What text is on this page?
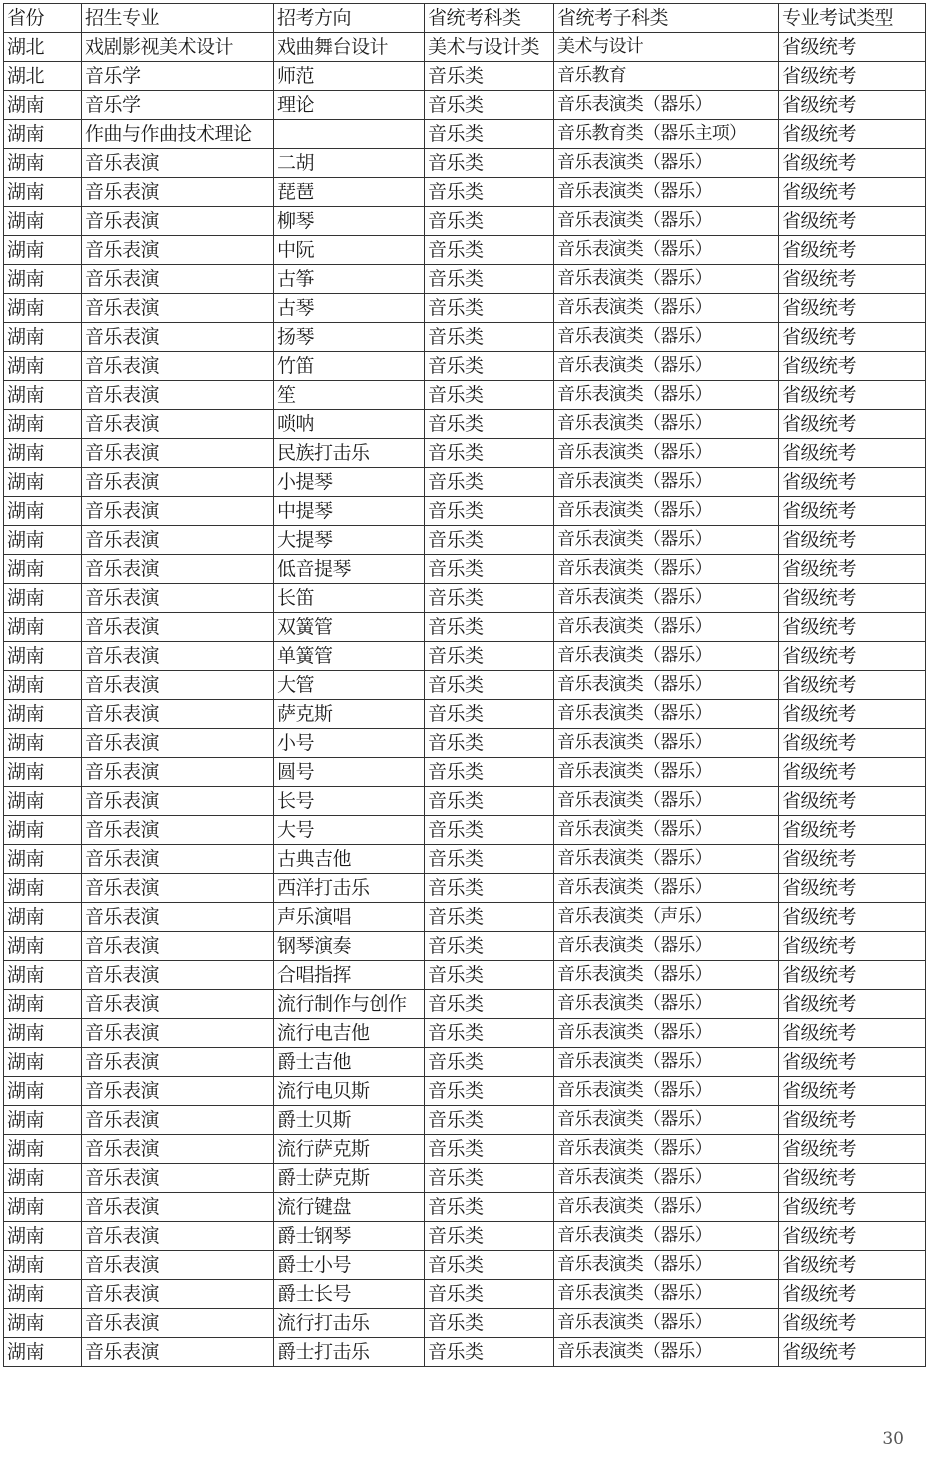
省份	招生专业	招考方向	省统考科类	省统考子科类	专业考试类型
湖北	戏剧影视美术设计	戏曲舞台设计	美术与设计类	美术与设计	省级统考
湖北	音乐学	师范	音乐类	音乐教育	省级统考
湖南	音乐学	理论	音乐类	音乐表演类（器乐）	省级统考
湖南	作曲与作曲技术理论		音乐类	音乐教育类（器乐主项）	省级统考
湖南	音乐表演	二胡	音乐类	音乐表演类（器乐）	省级统考
湖南	音乐表演	琵琶	音乐类	音乐表演类（器乐）	省级统考
湖南	音乐表演	柳琴	音乐类	音乐表演类（器乐）	省级统考
湖南	音乐表演	中阮	音乐类	音乐表演类（器乐）	省级统考
湖南	音乐表演	古筝	音乐类	音乐表演类（器乐）	省级统考
湖南	音乐表演	古琴	音乐类	音乐表演类（器乐）	省级统考
湖南	音乐表演	扬琴	音乐类	音乐表演类（器乐）	省级统考
湖南	音乐表演	竹笛	音乐类	音乐表演类（器乐）	省级统考
湖南	音乐表演	笙	音乐类	音乐表演类（器乐）	省级统考
湖南	音乐表演	唢呐	音乐类	音乐表演类（器乐）	省级统考
湖南	音乐表演	民族打击乐	音乐类	音乐表演类（器乐）	省级统考
湖南	音乐表演	小提琴	音乐类	音乐表演类（器乐）	省级统考
湖南	音乐表演	中提琴	音乐类	音乐表演类（器乐）	省级统考
湖南	音乐表演	大提琴	音乐类	音乐表演类（器乐）	省级统考
湖南	音乐表演	低音提琴	音乐类	音乐表演类（器乐）	省级统考
湖南	音乐表演	长笛	音乐类	音乐表演类（器乐）	省级统考
湖南	音乐表演	双簧管	音乐类	音乐表演类（器乐）	省级统考
湖南	音乐表演	单簧管	音乐类	音乐表演类（器乐）	省级统考
湖南	音乐表演	大管	音乐类	音乐表演类（器乐）	省级统考
湖南	音乐表演	萨克斯	音乐类	音乐表演类（器乐）	省级统考
湖南	音乐表演	小号	音乐类	音乐表演类（器乐）	省级统考
湖南	音乐表演	圆号	音乐类	音乐表演类（器乐）	省级统考
湖南	音乐表演	长号	音乐类	音乐表演类（器乐）	省级统考
湖南	音乐表演	大号	音乐类	音乐表演类（器乐）	省级统考
湖南	音乐表演	古典吉他	音乐类	音乐表演类（器乐）	省级统考
湖南	音乐表演	西洋打击乐	音乐类	音乐表演类（器乐）	省级统考
湖南	音乐表演	声乐演唱	音乐类	音乐表演类（声乐）	省级统考
湖南	音乐表演	钢琴演奏	音乐类	音乐表演类（器乐）	省级统考
湖南	音乐表演	合唱指挥	音乐类	音乐表演类（器乐）	省级统考
湖南	音乐表演	流行制作与创作	音乐类	音乐表演类（器乐）	省级统考
湖南	音乐表演	流行电吉他	音乐类	音乐表演类（器乐）	省级统考
湖南	音乐表演	爵士吉他	音乐类	音乐表演类（器乐）	省级统考
湖南	音乐表演	流行电贝斯	音乐类	音乐表演类（器乐）	省级统考
湖南	音乐表演	爵士贝斯	音乐类	音乐表演类（器乐）	省级统考
湖南	音乐表演	流行萨克斯	音乐类	音乐表演类（器乐）	省级统考
湖南	音乐表演	爵士萨克斯	音乐类	音乐表演类（器乐）	省级统考
湖南	音乐表演	流行键盘	音乐类	音乐表演类（器乐）	省级统考
湖南	音乐表演	爵士钢琴	音乐类	音乐表演类（器乐）	省级统考
湖南	音乐表演	爵士小号	音乐类	音乐表演类（器乐）	省级统考
湖南	音乐表演	爵士长号	音乐类	音乐表演类（器乐）	省级统考
湖南	音乐表演	流行打击乐	音乐类	音乐表演类（器乐）	省级统考
湖南	音乐表演	爵士打击乐	音乐类	音乐表演类（器乐）	省级统考
30
